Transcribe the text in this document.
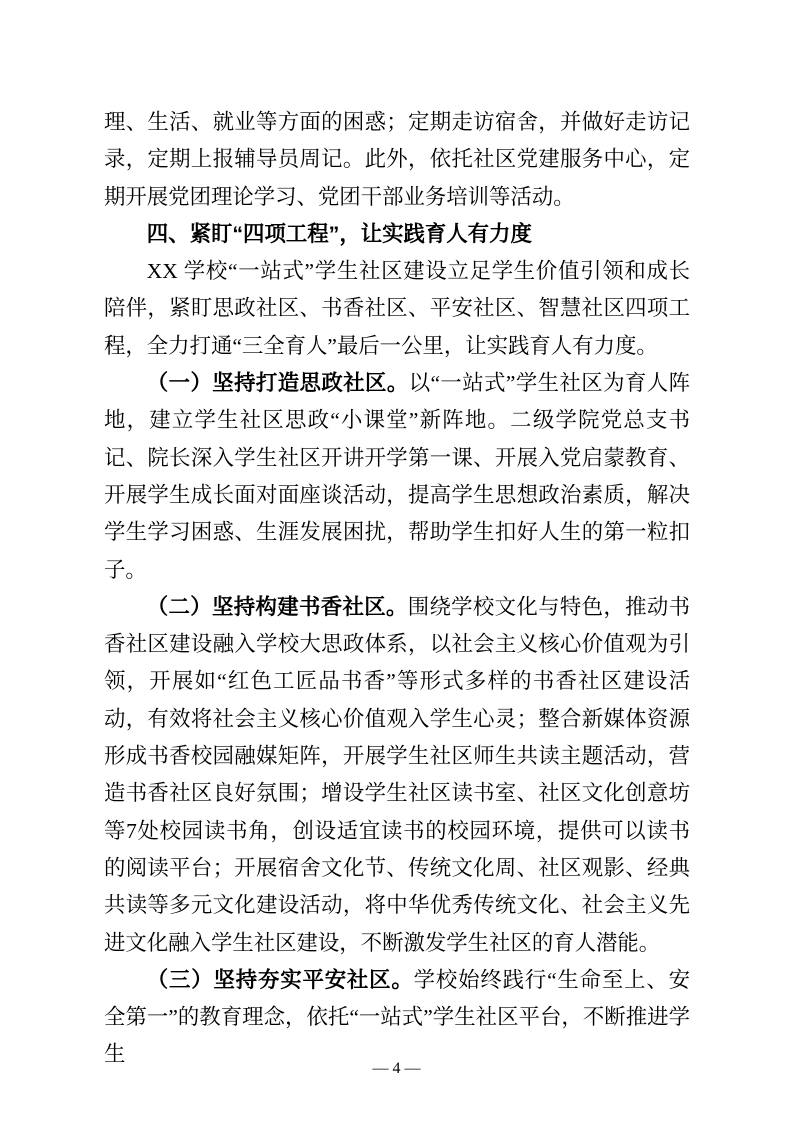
理、生活、就业等方面的困惑；定期走访宿舍，并做好走访记录，定期上报辅导员周记。此外，依托社区党建服务中心，定期开展党团理论学习、党团干部业务培训等活动。

四、紧盯“四项工程”，让实践育人有力度

XX 学校“一站式”学生社区建设立足学生价值引领和成长陪伴，紧盯思政社区、书香社区、平安社区、智慧社区四项工程，全力打通“三全育人”最后一公里，让实践育人有力度。

（一）坚持打造思政社区。以“一站式”学生社区为育人阵地，建立学生社区思政“小课堂”新阵地。二级学院党总支书记、院长深入学生社区开讲开学第一课、开展入党启蒙教育、开展学生成长面对面座谈活动，提高学生思想政治素质，解决学生学习困惑、生涯发展困扰，帮助学生扣好人生的第一粒扣子。

（二）坚持构建书香社区。围绕学校文化与特色，推动书香社区建设融入学校大思政体系，以社会主义核心价值观为引领，开展如“红色工匠品书香”等形式多样的书香社区建设活动，有效将社会主义核心价值观入学生心灵；整合新媒体资源形成书香校园融媒矩阵，开展学生社区师生共读主题活动，营造书香社区良好氛围；增设学生社区读书室、社区文化创意坊等7处校园读书角，创设适宜读书的校园环境，提供可以读书的阅读平台；开展宿舍文化节、传统文化周、社区观影、经典共读等多元文化建设活动，将中华优秀传统文化、社会主义先进文化融入学生社区建设，不断激发学生社区的育人潜能。

（三）坚持夯实平安社区。学校始终践行“生命至上、安全第一”的教育理念，依托“一站式”学生社区平台，不断推进学生

— 4 —
